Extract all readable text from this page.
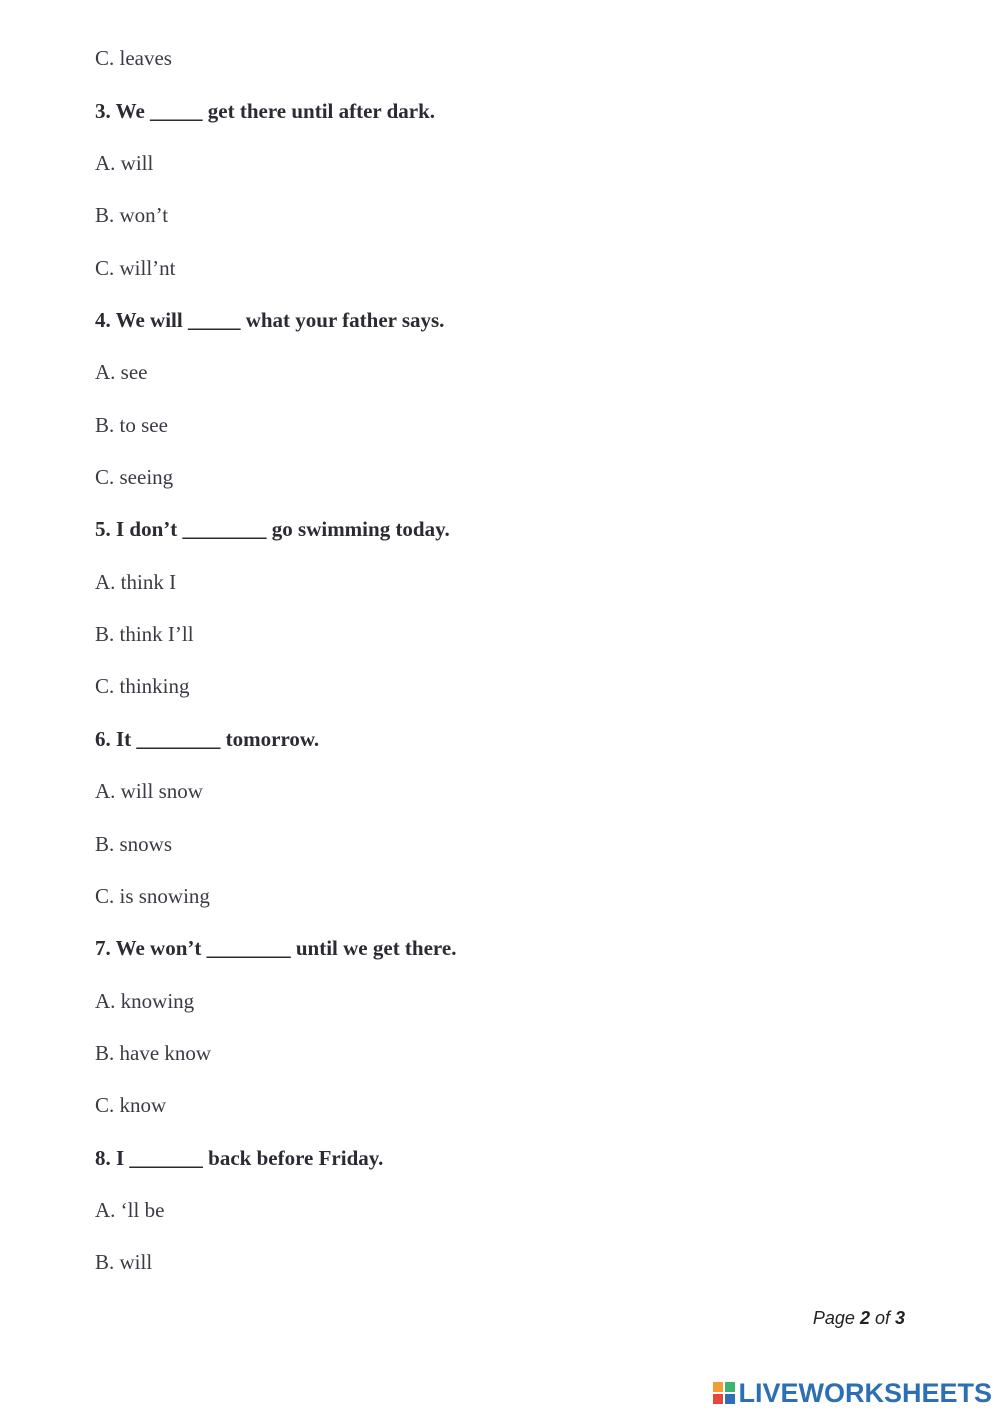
C. leaves
3. We _____ get there until after dark.
A. will
B. won’t
C. will’nt
4. We will _____ what your father says.
A. see
B. to see
C. seeing
5. I don’t ________ go swimming today.
A. think I
B. think I’ll
C. thinking
6. It ________ tomorrow.
A. will snow
B. snows
C. is snowing
7. We won’t ________ until we get there.
A. knowing
B. have know
C. know
8. I _______ back before Friday.
A. ‘ll be
B. will
Page 2 of 3
LIVEWORKSHEETS
